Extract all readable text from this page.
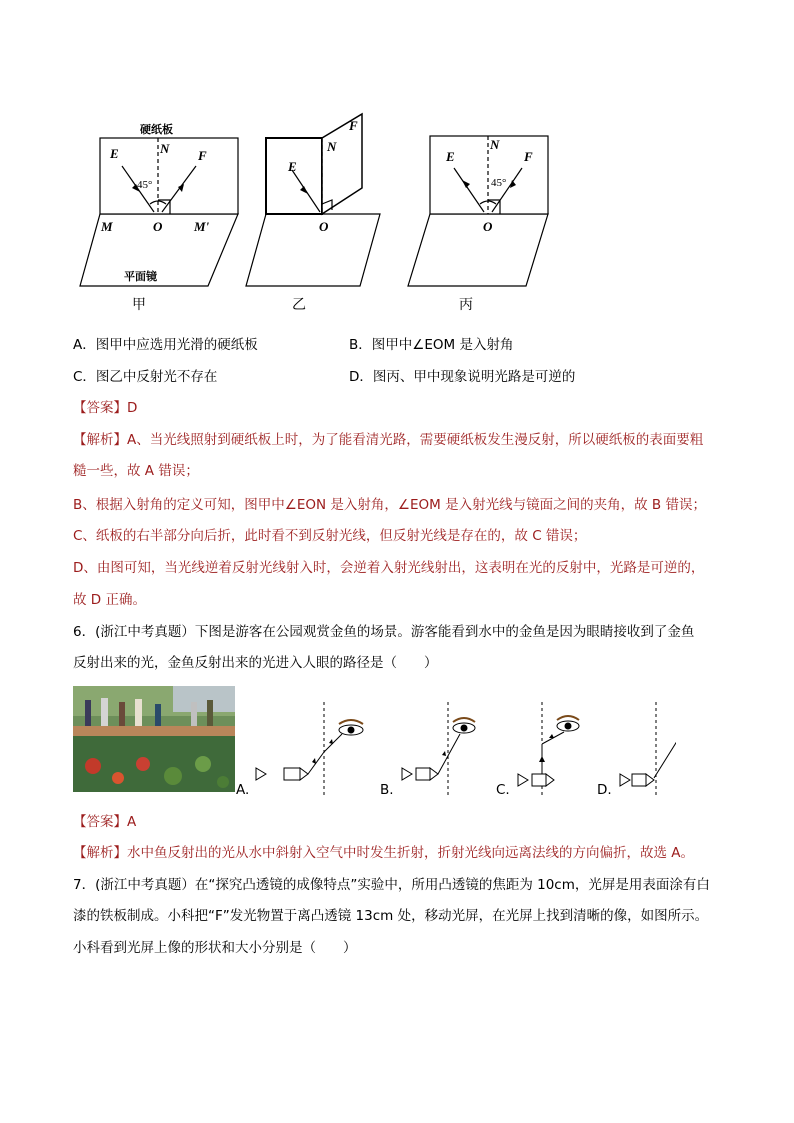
硬纸板
E	N F
45°
M	O M'
平面镜
E
N
F
O
E
N
F
45°
O
甲	乙	丙
A．图甲中应选用光滑的硬纸板	B．图甲中∠EOM 是入射角
C．图乙中反射光不存在	D．图丙、甲中现象说明光路是可逆的
【答案】D
【解析】A、当光线照射到硬纸板上时，为了能看清光路，需要硬纸板发生漫反射，所以硬纸板的表面要粗
糙一些，故 A 错误；
B、根据入射角的定义可知，图甲中∠EON 是入射角，∠EOM 是入射光线与镜面之间的夹角，故 B 错误；
C、纸板的右半部分向后折，此时看不到反射光线，但反射光线是存在的，故 C 错误；
D、由图可知，当光线逆着反射光线射入时，会逆着入射光线射出，这表明在光的反射中，光路是可逆的，
故 D 正确。
6．(浙江中考真题）下图是游客在公园观赏金鱼的场景。游客能看到水中的金鱼是因为眼睛接收到了金鱼
反射出来的光，金鱼反射出来的光进入人眼的路径是（　　）
A.	B.	C.	D.
【答案】A
【解析】水中鱼反射出的光从水中斜射入空气中时发生折射，折射光线向远离法线的方向偏折，故选 A。
7．(浙江中考真题）在“探究凸透镜的成像特点”实验中，所用凸透镜的焦距为 10cm，光屏是用表面涂有白
漆的铁板制成。小科把“F”发光物置于离凸透镜 13cm 处，移动光屏，在光屏上找到清晰的像，如图所示。
小科看到光屏上像的形状和大小分别是（　　）
